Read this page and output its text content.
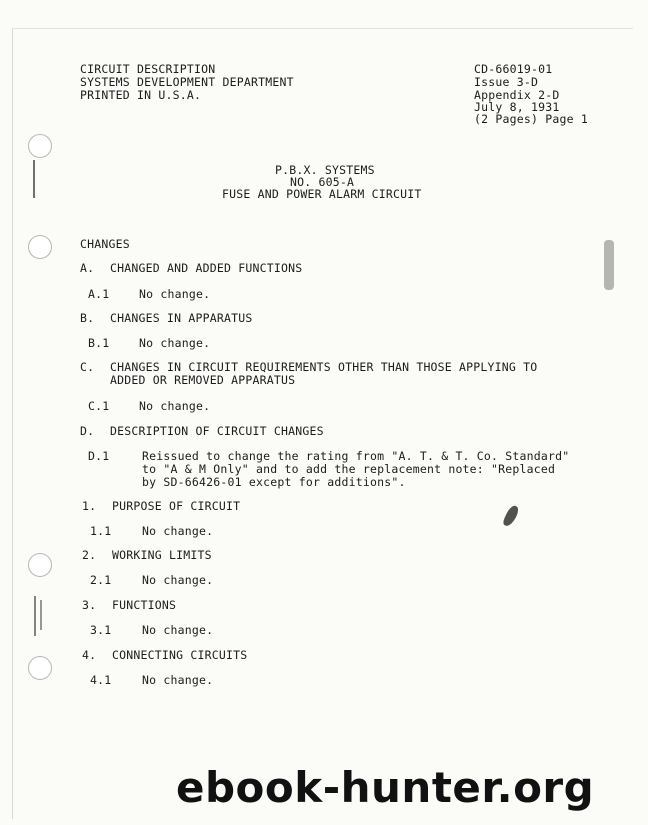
CIRCUIT DESCRIPTION
SYSTEMS DEVELOPMENT DEPARTMENT
PRINTED IN U.S.A.
CD-66019-01
Issue 3-D
Appendix 2-D
July 8, 1931
(2 Pages) Page 1
P.B.X. SYSTEMS
NO. 605-A
FUSE AND POWER ALARM CIRCUIT
CHANGES
A. CHANGED AND ADDED FUNCTIONS
A.1	No change.
B. CHANGES IN APPARATUS
B.1	No change.
C. CHANGES IN CIRCUIT REQUIREMENTS OTHER THAN THOSE APPLYING TO
ADDED OR REMOVED APPARATUS
C.1	No change.
D. DESCRIPTION OF CIRCUIT CHANGES
D.1	Reissued to change the rating from "A. T. & T. Co. Standard"
to "A & M Only" and to add the replacement note: "Replaced
by SD-66426-01 except for additions".
1. PURPOSE OF CIRCUIT
1.1	No change.
2. WORKING LIMITS
2.1	No change.
3. FUNCTIONS
3.1	No change.
4. CONNECTING CIRCUITS
4.1	No change.
ebook-hunter.org
